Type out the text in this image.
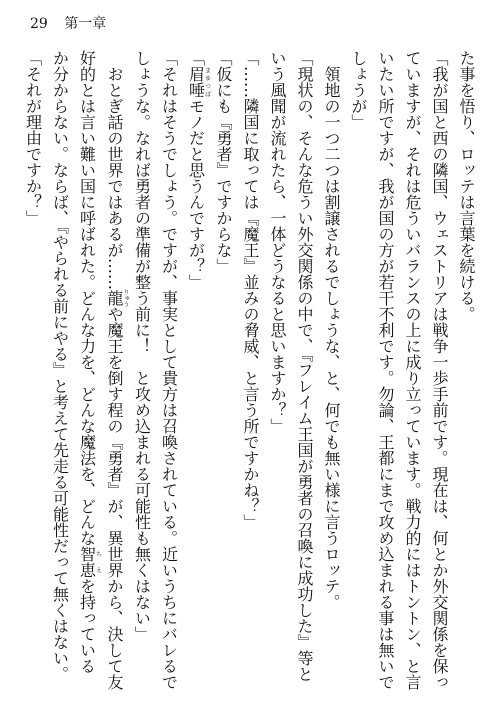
29 第一章

た事を悟り、ロッテは言葉を続ける。

「我が国と西の隣国、ウェストリアは戦争一歩手前です。現在は、何とか外交関係を保っ

ていますが、それは危ういバランスの上に成り立っています。戦力的にはトントン、と言

いたい所ですが、我が国の方が若干不利です。勿論、王都にまで攻め込まれる事は無いで

しょうが」

　領地の一つ二つは割譲されるでしょうな、と、何でも無い様に言うロッテ。

「現状の、そんな危うい外交関係の中で、『フレイム王国が勇者の召喚に成功した』等と

いう風聞が流れたら、一体どうなると思いますか？」

「……隣国に取っては『魔王』並みの脅威、と言う所ですかね？」

「仮にも『勇者』ですからな」

「眉唾まゆつばモノだと思うんですが？」

「それはそうでしょう。ですが、事実として貴方は召喚されている。近いうちにバレるで

しょうな。なれば勇者の準備が整う前に！　と攻め込まれる可能性も無くはない」

　おとぎ話の世界ではあるが……龍りゅうや魔王を倒す程の『勇者』が、異世界から、決して友

好的とは言い難い国に呼ばれた。どんな力を、どんな魔法を、どんな智恵ちえを持っている

か分からない。ならば、『やられる前にやる』と考えて先走る可能性だって無くはない。

「それが理由ですか？」
